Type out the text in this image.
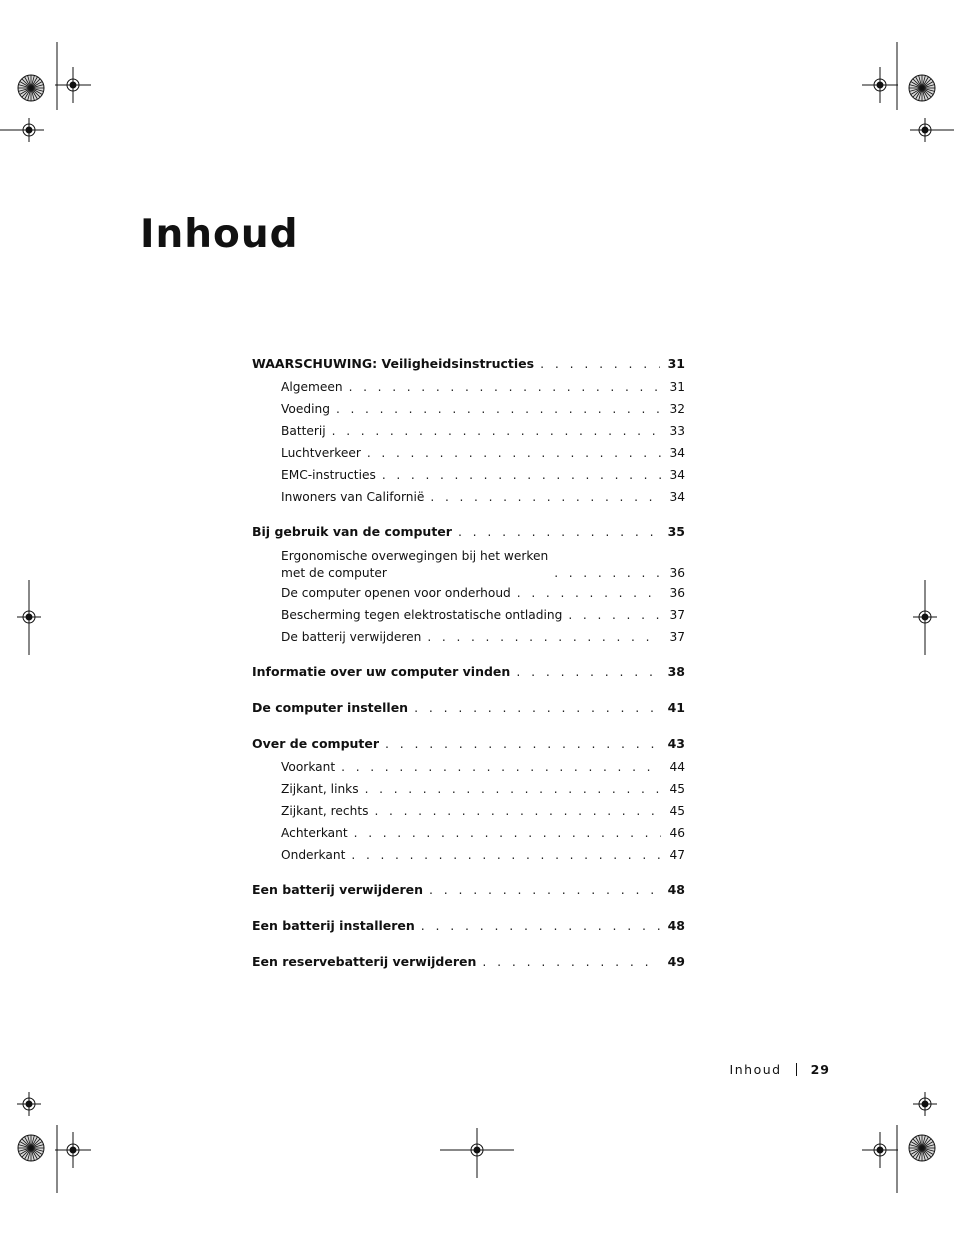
Inhoud
WAARSCHUWING: Veiligheidsinstructies . . .	31
Algemeen . . .	31
Voeding . . .	32
Batterij . . .	33
Luchtverkeer . . .	34
EMC-instructies . . .	34
Inwoners van Californië . . .	34
Bij gebruik van de computer . . .	35
Ergonomische overwegingen bij het werken
met de computer . . .	36
De computer openen voor onderhoud . . .	36
Bescherming tegen elektrostatische ontlading . . .	37
De batterij verwijderen . . .	37
Informatie over uw computer vinden . . .	38
De computer instellen . . .	41
Over de computer . . .	43
Voorkant . . .	44
Zijkant, links . . .	45
Zijkant, rechts . . .	45
Achterkant . . .	46
Onderkant . . .	47
Een batterij verwijderen . . .	48
Een batterij installeren . . .	48
Een reservebatterij verwijderen . . .	49
Inhoud 29
